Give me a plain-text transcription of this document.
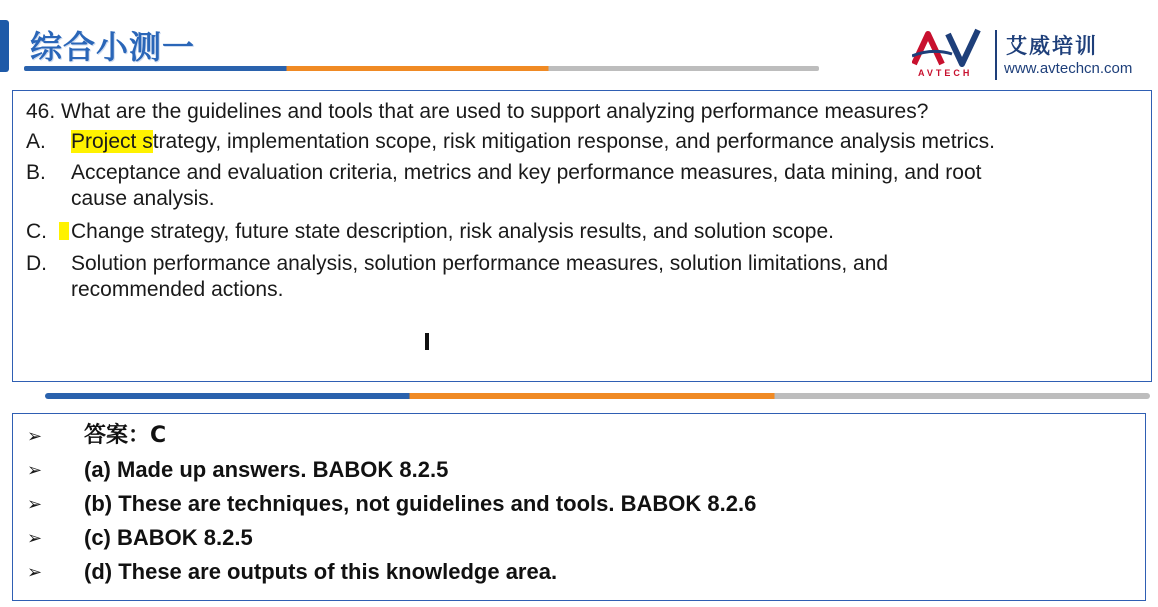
综合小测一
AVTECH
艾威培训
www.avtechcn.com
46. What are the guidelines and tools that are used to support analyzing performance measures?
A. Project strategy, implementation scope, risk mitigation response, and performance analysis metrics.
B. Acceptance and evaluation criteria, metrics and key performance measures, data mining, and root
cause analysis.
C.	Change strategy, future state description, risk analysis results, and solution scope.
D. Solution performance analysis, solution performance measures, solution limitations, and
recommended actions.
➢ 答案：C
➢ (a) Made up answers. BABOK 8.2.5
➢ (b) These are techniques, not guidelines and tools. BABOK 8.2.6
➢ (c) BABOK 8.2.5
➢ (d) These are outputs of this knowledge area.
